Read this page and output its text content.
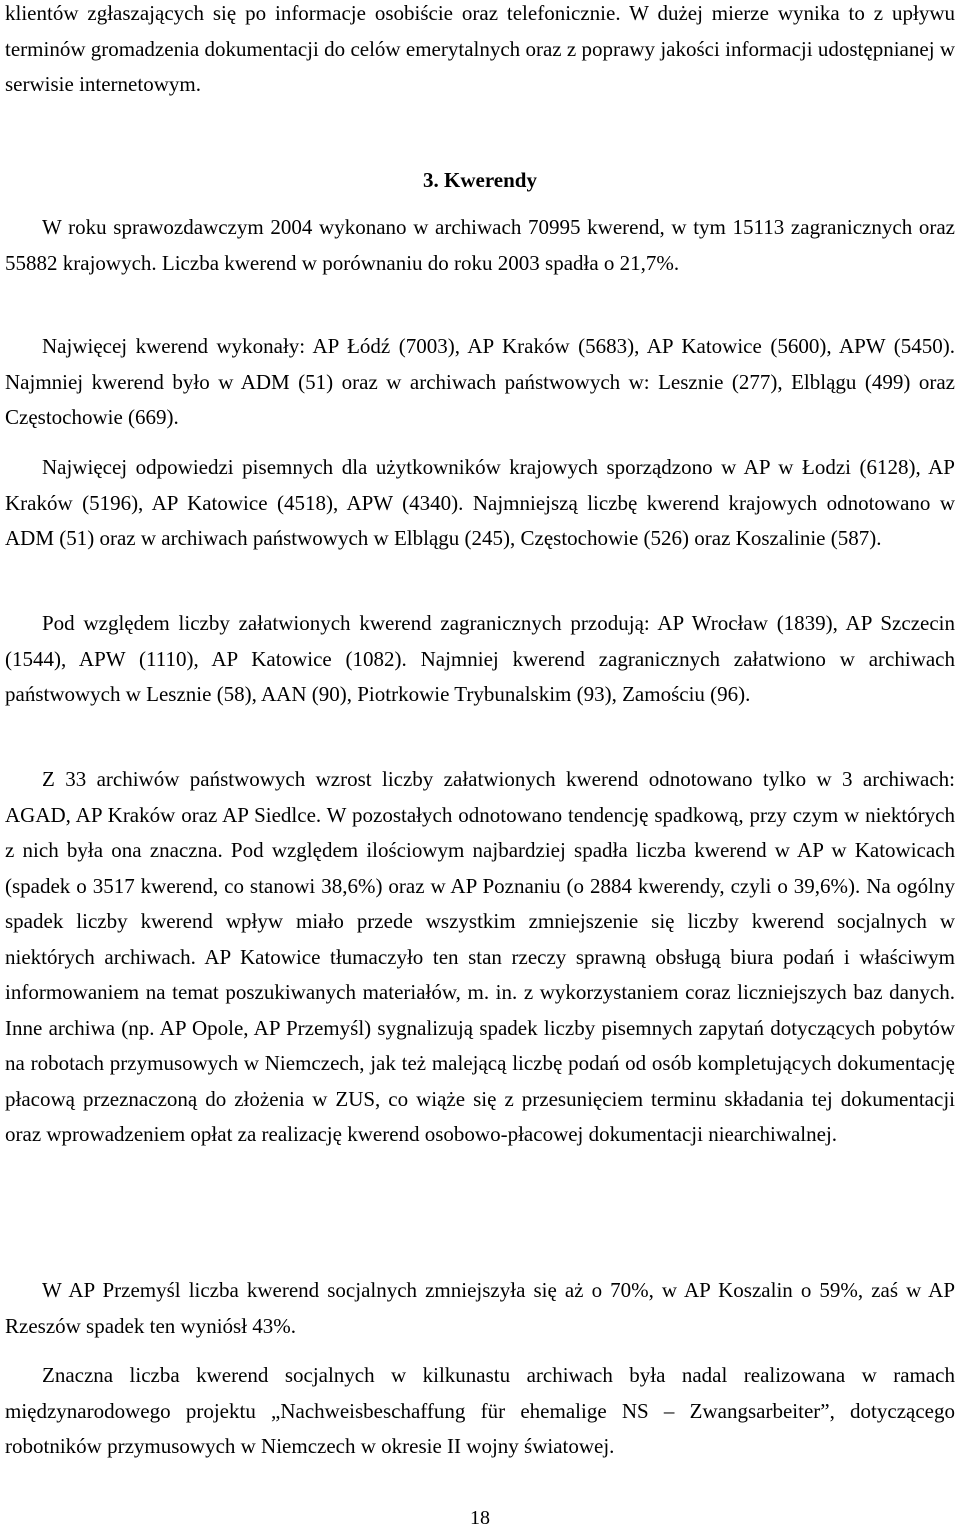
klientów zgłaszających się po informacje osobiście oraz telefonicznie. W dużej mierze wynika to z upływu terminów gromadzenia dokumentacji do celów emerytalnych oraz z poprawy jakości informacji udostępnianej w serwisie internetowym.

3. Kwerendy

W roku sprawozdawczym 2004 wykonano w archiwach 70995 kwerend, w tym 15113 zagranicznych oraz 55882 krajowych. Liczba kwerend w porównaniu do roku 2003 spadła o 21,7%.

Najwięcej kwerend wykonały: AP Łódź (7003), AP Kraków (5683), AP Katowice (5600), APW (5450). Najmniej kwerend było w ADM (51) oraz w archiwach państwowych w: Lesznie (277), Elblągu (499) oraz Częstochowie (669).

Najwięcej odpowiedzi pisemnych dla użytkowników krajowych sporządzono w AP w Łodzi (6128), AP Kraków (5196), AP Katowice (4518), APW (4340). Najmniejszą liczbę kwerend krajowych odnotowano w ADM (51) oraz w archiwach państwowych w Elblągu (245), Częstochowie (526) oraz Koszalinie (587).

Pod względem liczby załatwionych kwerend zagranicznych przodują: AP Wrocław (1839), AP Szczecin (1544), APW (1110), AP Katowice (1082). Najmniej kwerend zagranicznych załatwiono w archiwach państwowych w Lesznie (58), AAN (90), Piotrkowie Trybunalskim (93), Zamościu (96).

Z 33 archiwów państwowych wzrost liczby załatwionych kwerend odnotowano tylko w 3 archiwach: AGAD, AP Kraków oraz AP Siedlce. W pozostałych odnotowano tendencję spadkową, przy czym w niektórych z nich była ona znaczna. Pod względem ilościowym najbardziej spadła liczba kwerend w AP w Katowicach (spadek o 3517 kwerend, co stanowi 38,6%) oraz w AP Poznaniu (o 2884 kwerendy, czyli o 39,6%). Na ogólny spadek liczby kwerend wpływ miało przede wszystkim zmniejszenie się liczby kwerend socjalnych w niektórych archiwach. AP Katowice tłumaczyło ten stan rzeczy sprawną obsługą biura podań i właściwym informowaniem na temat poszukiwanych materiałów, m. in. z wykorzystaniem coraz liczniejszych baz danych. Inne archiwa (np. AP Opole, AP Przemyśl) sygnalizują spadek liczby pisemnych zapytań dotyczących pobytów na robotach przymusowych w Niemczech, jak też malejącą liczbę podań od osób kompletujących dokumentację płacową przeznaczoną do złożenia w ZUS, co wiąże się z przesunięciem terminu składania tej dokumentacji oraz wprowadzeniem opłat za realizację kwerend osobowo-płacowej dokumentacji niearchiwalnej.

W AP Przemyśl liczba kwerend socjalnych zmniejszyła się aż o 70%, w AP Koszalin o 59%, zaś w AP Rzeszów spadek ten wyniósł 43%.

Znaczna liczba kwerend socjalnych w kilkunastu archiwach była nadal realizowana w ramach międzynarodowego projektu „Nachweisbeschaffung für ehemalige NS – Zwangsarbeiter”, dotyczącego robotników przymusowych w Niemczech w okresie II wojny światowej.

18
